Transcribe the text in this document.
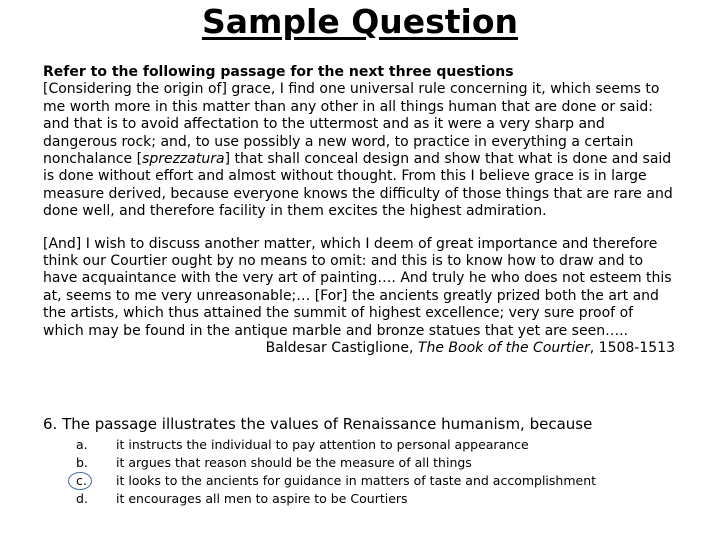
Sample Question

Refer to the following passage for the next three questions

[Considering the origin of] grace, I find one universal rule concerning it, which seems to me worth more in this matter than any other in all things human that are done or said: and that is to avoid affectation to the uttermost and as it were a very sharp and dangerous rock; and, to use possibly a new word, to practice in everything a certain nonchalance [sprezzatura] that shall conceal design and show that what is done and said is done without effort and almost without thought. From this I believe grace is in large measure derived, because everyone knows the difficulty of those things that are rare and done well, and therefore facility in them excites the highest admiration.

[And] I wish to discuss another matter, which I deem of great importance and therefore think our Courtier ought by no means to omit: and this is to know how to draw and to have acquaintance with the very art of painting…. And truly he who does not esteem this at, seems to me very unreasonable;… [For] the ancients greatly prized both the art and the artists, which thus attained the summit of highest excellence; very sure proof of which may be found in the antique marble and bronze statues that yet are seen…..

Baldesar Castiglione, The Book of the Courtier, 1508-1513

6. The passage illustrates the values of Renaissance humanism, because
a.	it instructs the individual to pay attention to personal appearance
b.	it argues that reason should be the measure of all things
c.	it looks to the ancients for guidance in matters of taste and accomplishment
d.	it encourages all men to aspire to be Courtiers
